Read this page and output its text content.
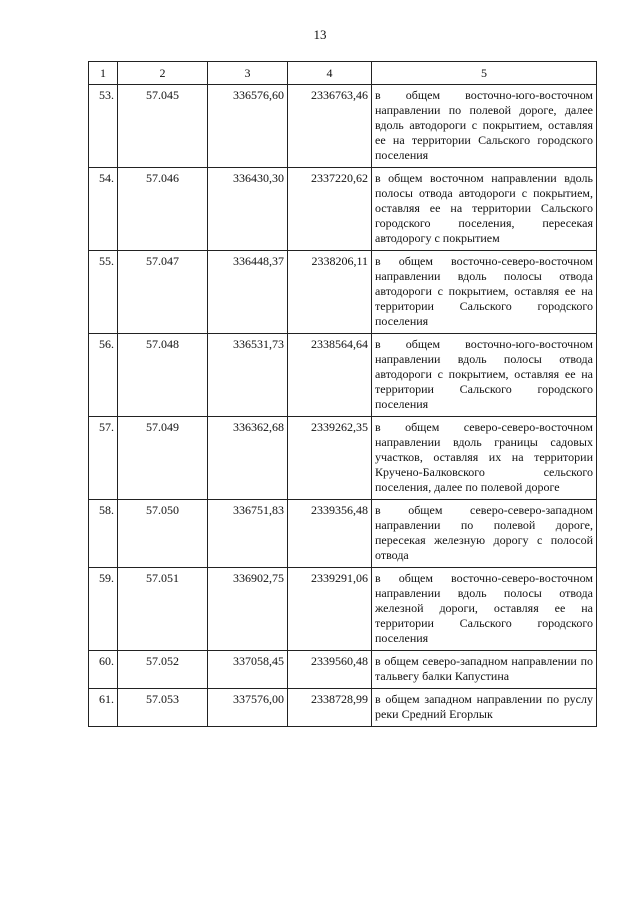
13
1	2	3	4	5
53.	57.045	336576,60	2336763,46	в общем восточно-юго-восточном направлении по полевой дороге, далее вдоль автодороги с покрытием, оставляя ее на территории Сальского городского поселения
54.	57.046	336430,30	2337220,62	в общем восточном направлении вдоль полосы отвода автодороги с покрытием, оставляя ее на территории Сальского городского поселения, пересекая автодорогу с покрытием
55.	57.047	336448,37	2338206,11	в общем восточно-северо-восточном направлении вдоль полосы отвода автодороги с покрытием, оставляя ее на территории Сальского городского поселения
56.	57.048	336531,73	2338564,64	в общем восточно-юго-восточном направлении вдоль полосы отвода автодороги с покрытием, оставляя ее на территории Сальского городского поселения
57.	57.049	336362,68	2339262,35	в общем северо-северо-восточном направлении вдоль границы садовых участков, оставляя их на территории Кручено-Балковского сельского поселения, далее по полевой дороге
58.	57.050	336751,83	2339356,48	в общем северо-северо-западном направлении по полевой дороге, пересекая железную дорогу с полосой отвода
59.	57.051	336902,75	2339291,06	в общем восточно-северо-восточном направлении вдоль полосы отвода железной дороги, оставляя ее на территории Сальского городского поселения
60.	57.052	337058,45	2339560,48	в общем северо-западном направлении по тальвегу балки Капустина
61.	57.053	337576,00	2338728,99	в общем западном направлении по руслу реки Средний Егорлык
